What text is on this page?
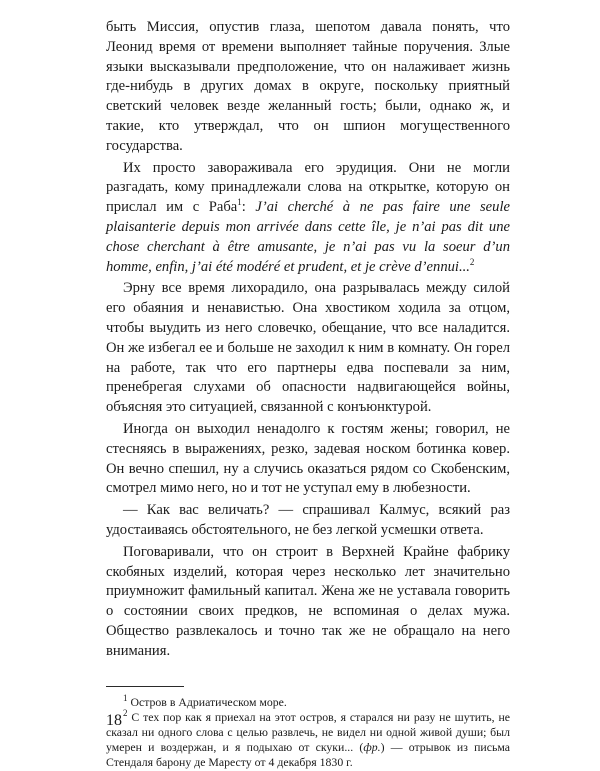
быть Миссия, опустив глаза, шепотом давала понять, что Леонид время от времени выполняет тайные поручения. Злые языки высказывали предположение, что он налаживает жизнь где-нибудь в других домах в округе, поскольку приятный светский человек везде желанный гость; были, однако ж, и такие, кто утверждал, что он шпион могущественного государства.

Их просто завораживала его эрудиция. Они не могли разгадать, кому принадлежали слова на открытке, которую он прислал им с Раба$^1$: J’ai cherché à ne pas faire une seule plaisanterie depuis mon arrivée dans cette île, je n’ai pas dit une chose cherchant à être amusante, je n’ai pas vu la soeur d’un homme, enfin, j’ai été modéré et prudent, et je crève d’ennui...$^2$

Эрну все время лихорадило, она разрывалась между силой его обаяния и ненавистью. Она хвостиком ходила за отцом, чтобы выудить из него словечко, обещание, что все наладится. Он же избегал ее и больше не заходил к ним в комнату. Он горел на работе, так что его партнеры едва поспевали за ним, пренебрегая слухами об опасности надвигающейся войны, объясняя это ситуацией, связанной с конъюнктурой.

Иногда он выходил ненадолго к гостям жены; говорил, не стесняясь в выражениях, резко, задевая носком ботинка ковер. Он вечно спешил, ну а случись оказаться рядом со Скобенским, смотрел мимо него, но и тот не уступал ему в любезности.

— Как вас величать? — спрашивал Калмус, всякий раз удостаиваясь обстоятельного, не без легкой усмешки ответа.

Поговаривали, что он строит в Верхней Крайне фабрику скобяных изделий, которая через несколько лет значительно приумножит фамильный капитал. Жена же не уставала говорить о состоянии своих предков, не вспоминая о делах мужа. Общество развлекалось и точно так же не обращало на него внимания.

$^1$ Остров в Адриатическом море.

$^2$ С тех пор как я приехал на этот остров, я старался ни разу не шутить, не сказал ни одного слова с целью развлечь, не видел ни одной живой души; был умерен и воздержан, и я подыхаю от скуки... (фр.) — отрывок из письма Стендаля барону де Маресту от 4 декабря 1830 г.

18
